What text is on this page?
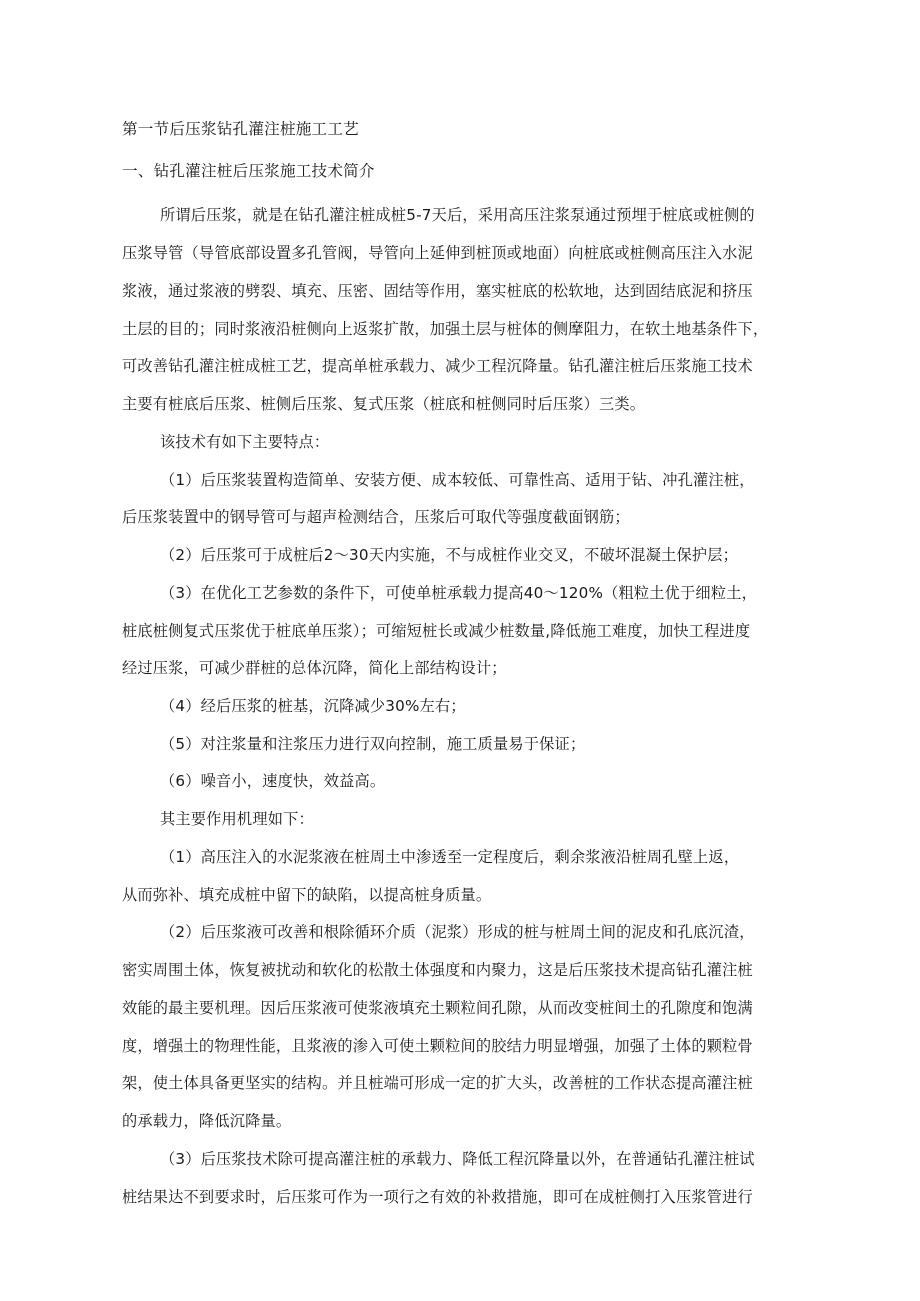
第一节后压浆钻孔灌注桩施工工艺
一、钻孔灌注桩后压浆施工技术简介
所谓后压浆，就是在钻孔灌注桩成桩5-7天后，采用高压注浆泵通过预埋于桩底或桩侧的
压浆导管（导管底部设置多孔管阀，导管向上延伸到桩顶或地面）向桩底或桩侧高压注入水泥
浆液，通过浆液的劈裂、填充、压密、固结等作用，塞实桩底的松软地，达到固结底泥和挤压
土层的目的；同时浆液沿桩侧向上返浆扩散，加强土层与桩体的侧摩阻力，在软土地基条件下，
可改善钻孔灌注桩成桩工艺，提高单桩承载力、减少工程沉降量。钻孔灌注桩后压浆施工技术
主要有桩底后压浆、桩侧后压浆、复式压浆（桩底和桩侧同时后压浆）三类。
该技术有如下主要特点：
（1）后压浆装置构造简单、安装方便、成本较低、可靠性高、适用于钻、冲孔灌注桩，
后压浆装置中的钢导管可与超声检测结合，压浆后可取代等强度截面钢筋；
（2）后压浆可于成桩后2～30天内实施，不与成桩作业交叉，不破坏混凝土保护层；
（3）在优化工艺参数的条件下，可使单桩承载力提高40～120%（粗粒土优于细粒土，
桩底桩侧复式压浆优于桩底单压浆）；可缩短桩长或减少桩数量,降低施工难度，加快工程进度
经过压浆，可减少群桩的总体沉降，简化上部结构设计；
（4）经后压浆的桩基，沉降减少30%左右；
（5）对注浆量和注浆压力进行双向控制，施工质量易于保证；
（6）噪音小，速度快，效益高。
其主要作用机理如下：
（1）高压注入的水泥浆液在桩周土中渗透至一定程度后，剩余浆液沿桩周孔壁上返，
从而弥补、填充成桩中留下的缺陷，以提高桩身质量。
（2）后压浆液可改善和根除循环介质（泥浆）形成的桩与桩周土间的泥皮和孔底沉渣，
密实周围土体，恢复被扰动和软化的松散土体强度和内聚力，这是后压浆技术提高钻孔灌注桩
效能的最主要机理。因后压浆液可使浆液填充土颗粒间孔隙，从而改变桩间土的孔隙度和饱满
度，增强土的物理性能，且浆液的渗入可使土颗粒间的胶结力明显增强，加强了土体的颗粒骨
架，使土体具备更坚实的结构。并且桩端可形成一定的扩大头，改善桩的工作状态提高灌注桩
的承载力，降低沉降量。
（3）后压浆技术除可提高灌注桩的承载力、降低工程沉降量以外，在普通钻孔灌注桩试
桩结果达不到要求时，后压浆可作为一项行之有效的补救措施，即可在成桩侧打入压浆管进行
